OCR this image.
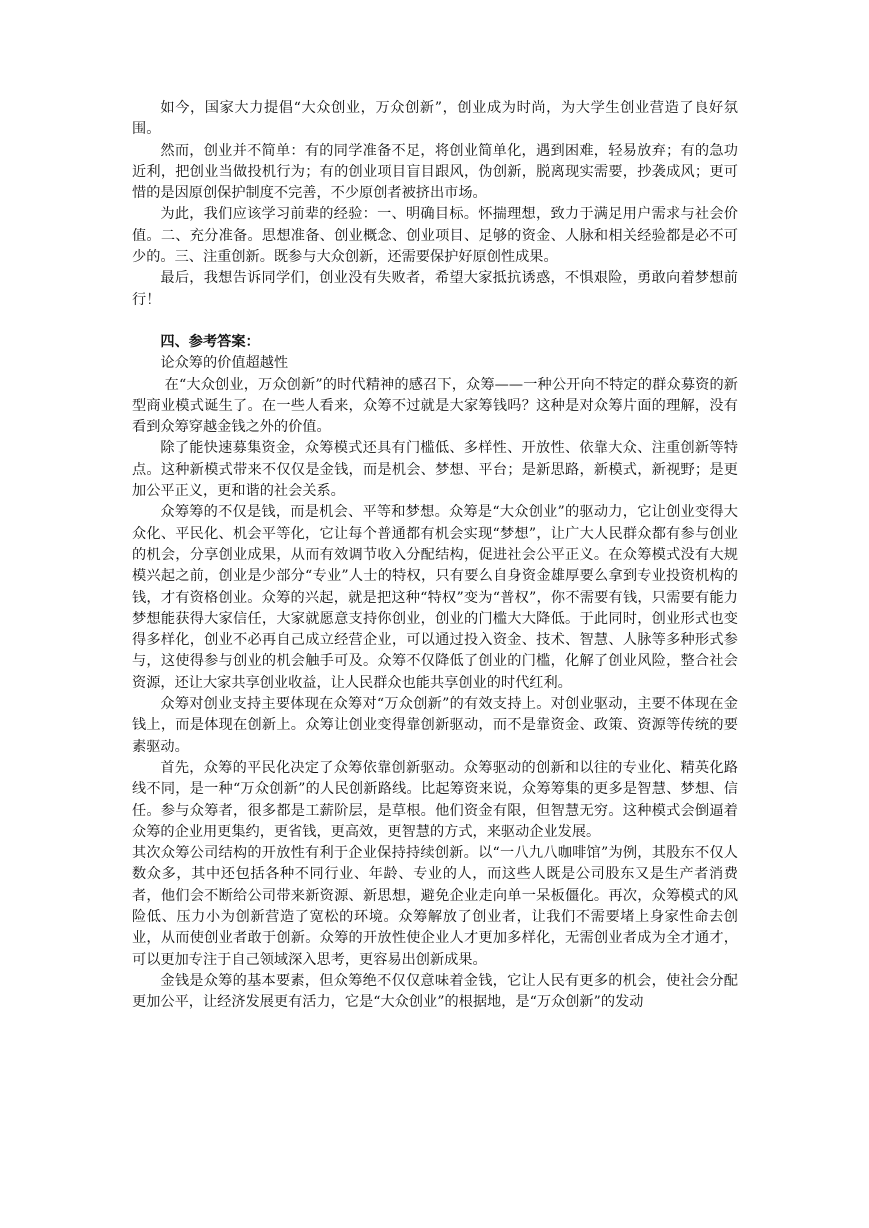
如今，国家大力提倡“大众创业，万众创新”，创业成为时尚，为大学生创业营造了良好氛围。

然而，创业并不简单：有的同学准备不足，将创业简单化，遇到困难，轻易放弃；有的急功近利，把创业当做投机行为；有的创业项目盲目跟风，伪创新，脱离现实需要，抄袭成风；更可惜的是因原创保护制度不完善，不少原创者被挤出市场。

为此，我们应该学习前辈的经验：一、明确目标。怀揣理想，致力于满足用户需求与社会价值。二、充分准备。思想准备、创业概念、创业项目、足够的资金、人脉和相关经验都是必不可少的。三、注重创新。既参与大众创新，还需要保护好原创性成果。

最后，我想告诉同学们，创业没有失败者，希望大家抵抗诱惑，不惧艰险，勇敢向着梦想前行！

四、参考答案：

论众筹的价值超越性

在“大众创业，万众创新”的时代精神的感召下，众筹——一种公开向不特定的群众募资的新型商业模式诞生了。在一些人看来，众筹不过就是大家筹钱吗？这种是对众筹片面的理解，没有看到众筹穿越金钱之外的价值。

除了能快速募集资金，众筹模式还具有门槛低、多样性、开放性、依靠大众、注重创新等特点。这种新模式带来不仅仅是金钱，而是机会、梦想、平台；是新思路，新模式，新视野；是更加公平正义，更和谐的社会关系。

众筹筹的不仅是钱，而是机会、平等和梦想。众筹是“大众创业”的驱动力，它让创业变得大众化、平民化、机会平等化，它让每个普通都有机会实现“梦想”，让广大人民群众都有参与创业的机会，分享创业成果，从而有效调节收入分配结构，促进社会公平正义。在众筹模式没有大规模兴起之前，创业是少部分“专业”人士的特权，只有要么自身资金雄厚要么拿到专业投资机构的钱，才有资格创业。众筹的兴起，就是把这种“特权”变为“普权”，你不需要有钱，只需要有能力梦想能获得大家信任，大家就愿意支持你创业，创业的门槛大大降低。于此同时，创业形式也变得多样化，创业不必再自己成立经营企业，可以通过投入资金、技术、智慧、人脉等多种形式参与，这使得参与创业的机会触手可及。众筹不仅降低了创业的门槛，化解了创业风险，整合社会资源，还让大家共享创业收益，让人民群众也能共享创业的时代红利。

众筹对创业支持主要体现在众筹对“万众创新”的有效支持上。对创业驱动，主要不体现在金钱上，而是体现在创新上。众筹让创业变得靠创新驱动，而不是靠资金、政策、资源等传统的要素驱动。

首先，众筹的平民化决定了众筹依靠创新驱动。众筹驱动的创新和以往的专业化、精英化路线不同，是一种“万众创新”的人民创新路线。比起筹资来说，众筹筹集的更多是智慧、梦想、信任。参与众筹者，很多都是工薪阶层，是草根。他们资金有限，但智慧无穷。这种模式会倒逼着众筹的企业用更集约，更省钱，更高效，更智慧的方式，来驱动企业发展。

其次众筹公司结构的开放性有利于企业保持持续创新。以“一八九八咖啡馆”为例，其股东不仅人数众多，其中还包括各种不同行业、年龄、专业的人，而这些人既是公司股东又是生产者消费者，他们会不断给公司带来新资源、新思想，避免企业走向单一呆板僵化。再次，众筹模式的风险低、压力小为创新营造了宽松的环境。众筹解放了创业者，让我们不需要堵上身家性命去创业，从而使创业者敢于创新。众筹的开放性使企业人才更加多样化，无需创业者成为全才通才，可以更加专注于自己领域深入思考，更容易出创新成果。

金钱是众筹的基本要素，但众筹绝不仅仅意味着金钱，它让人民有更多的机会，使社会分配更加公平，让经济发展更有活力，它是“大众创业”的根据地，是“万众创新”的发动
